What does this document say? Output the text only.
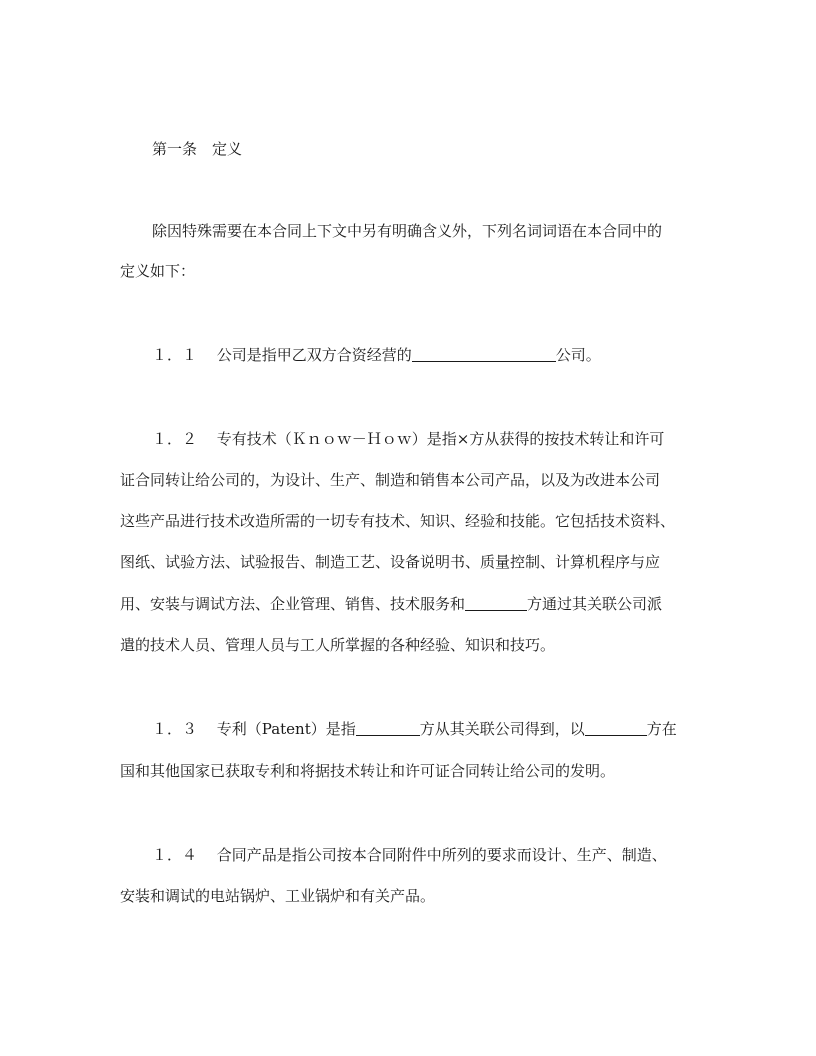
第一条　定义
除因特殊需要在本合同上下文中另有明确含义外，下列名词词语在本合同中的
定义如下：
１．１　 公司是指甲乙双方合资经营的	公司。
１．２　 专有技术（Ｋｎｏｗ－Ｈｏｗ）是指×方从获得的按技术转让和许可
证合同转让给公司的，为设计、生产、制造和销售本公司产品，以及为改进本公司
这些产品进行技术改造所需的一切专有技术、知识、经验和技能。它包括技术资料、
图纸、试验方法、试验报告、制造工艺、设备说明书、质量控制、计算机程序与应
用、安装与调试方法、企业管理、销售、技术服务和	方通过其关联公司派
遣的技术人员、管理人员与工人所掌握的各种经验、知识和技巧。
１．３　 专利（Patent）是指	方从其关联公司得到，以	方在
国和其他国家已获取专利和将据技术转让和许可证合同转让给公司的发明。
１．４　 合同产品是指公司按本合同附件中所列的要求而设计、生产、制造、
安装和调试的电站锅炉、工业锅炉和有关产品。
